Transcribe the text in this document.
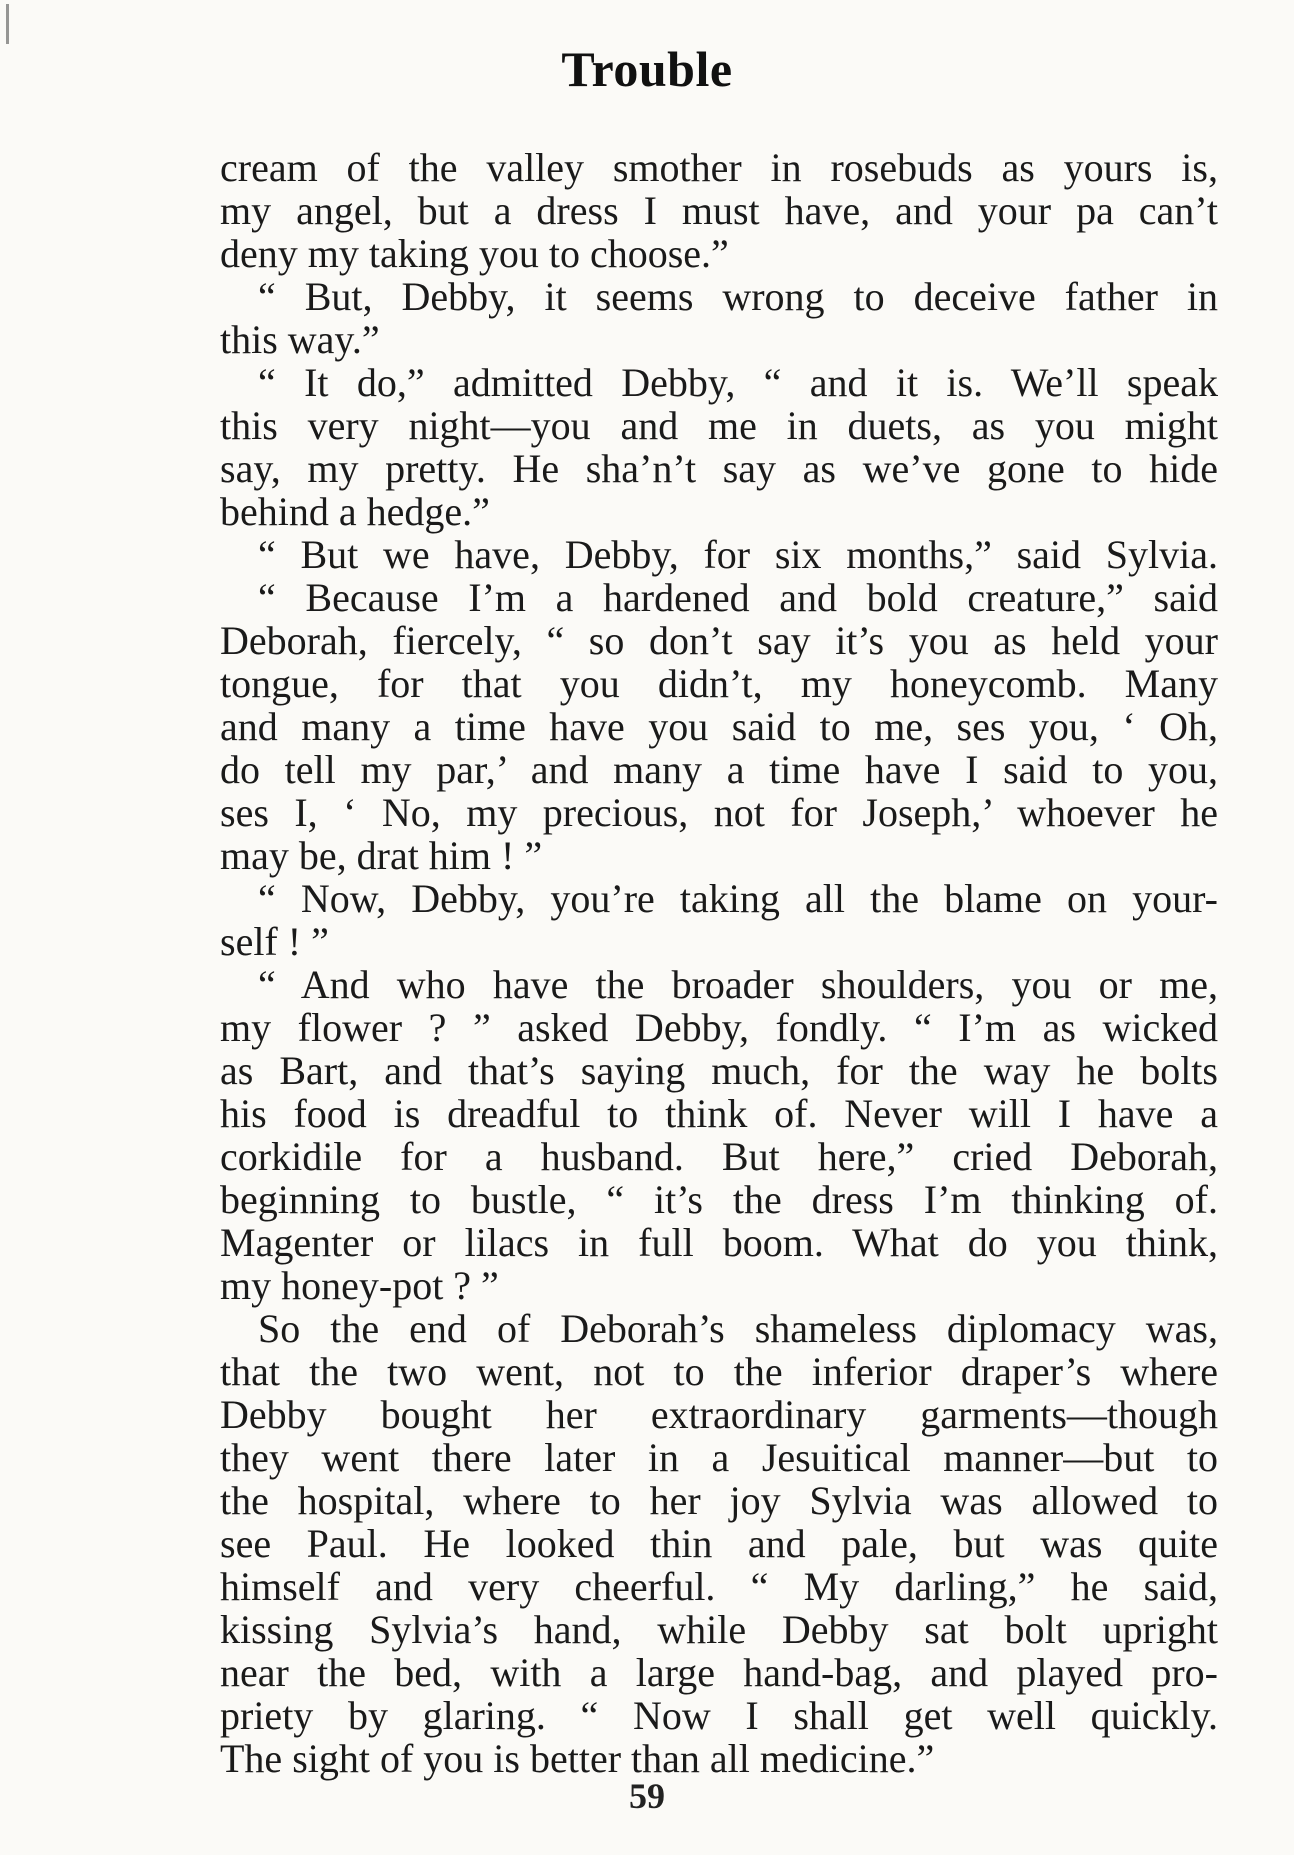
Trouble
cream of the valley smother in rosebuds as yours is,
my angel, but a dress I must have, and your pa can’t
deny my taking you to choose.”
“ But, Debby, it seems wrong to deceive father in
this way.”
“ It do,” admitted Debby, “ and it is. We’ll speak
this very night—you and me in duets, as you might
say, my pretty. He sha’n’t say as we’ve gone to hide
behind a hedge.”
“ But we have, Debby, for six months,” said Sylvia.
“ Because I’m a hardened and bold creature,” said
Deborah, fiercely, “ so don’t say it’s you as held your
tongue, for that you didn’t, my honeycomb. Many
and many a time have you said to me, ses you, ‘ Oh,
do tell my par,’ and many a time have I said to you,
ses I, ‘ No, my precious, not for Joseph,’ whoever he
may be, drat him ! ”
“ Now, Debby, you’re taking all the blame on your-
self ! ”
“ And who have the broader shoulders, you or me,
my flower ? ” asked Debby, fondly. “ I’m as wicked
as Bart, and that’s saying much, for the way he bolts
his food is dreadful to think of. Never will I have a
corkidile for a husband. But here,” cried Deborah,
beginning to bustle, “ it’s the dress I’m thinking of.
Magenter or lilacs in full boom. What do you think,
my honey-pot ? ”
So the end of Deborah’s shameless diplomacy was,
that the two went, not to the inferior draper’s where
Debby bought her extraordinary garments—though
they went there later in a Jesuitical manner—but to
the hospital, where to her joy Sylvia was allowed to
see Paul. He looked thin and pale, but was quite
himself and very cheerful. “ My darling,” he said,
kissing Sylvia’s hand, while Debby sat bolt upright
near the bed, with a large hand-bag, and played pro-
priety by glaring. “ Now I shall get well quickly.
The sight of you is better than all medicine.”
59
